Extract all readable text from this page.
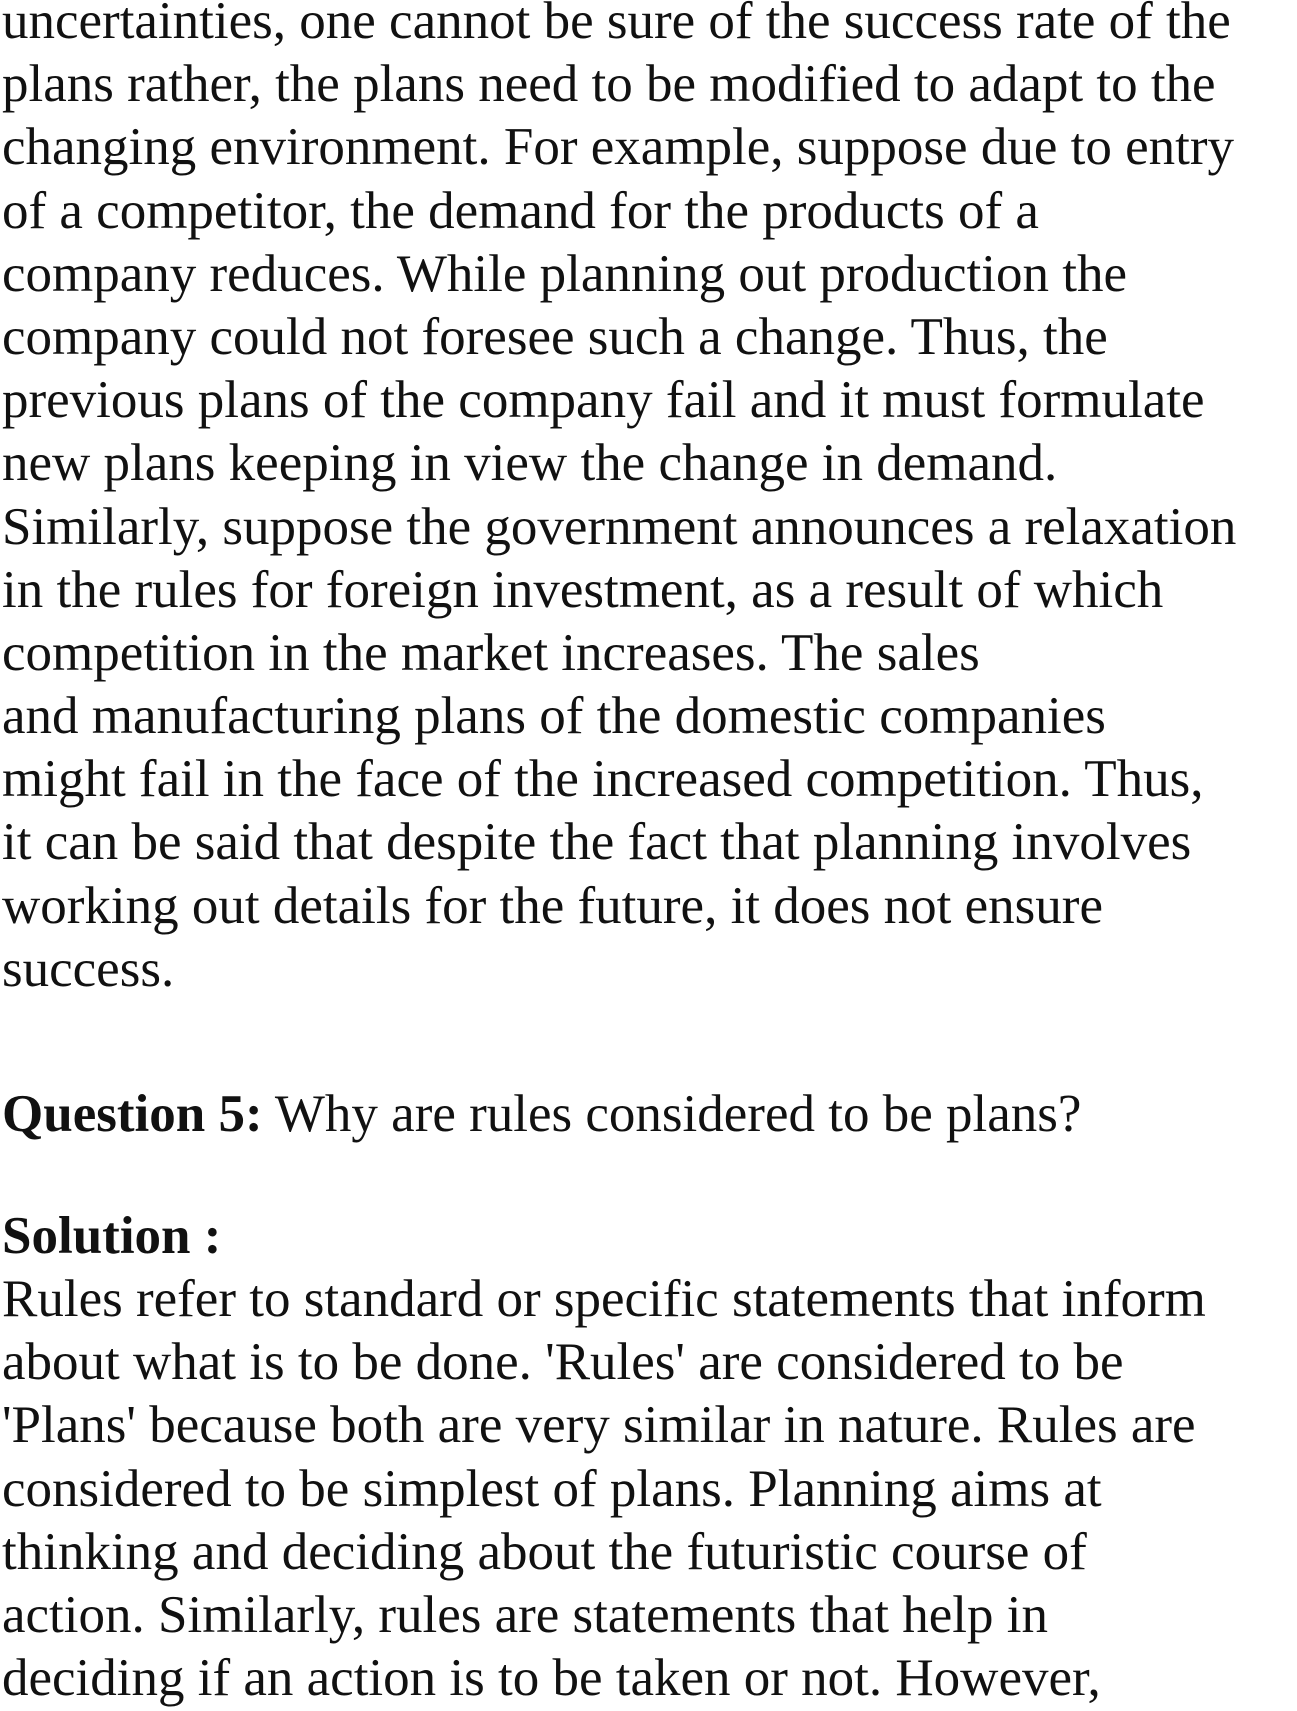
uncertainties, one cannot be sure of the success rate of the
plans rather, the plans need to be modified to adapt to the
changing environment. For example, suppose due to entry
of a competitor, the demand for the products of a
company reduces. While planning out production the
company could not foresee such a change. Thus, the
previous plans of the company fail and it must formulate
new plans keeping in view the change in demand.
Similarly, suppose the government announces a relaxation
in the rules for foreign investment, as a result of which
competition in the market increases. The sales
and manufacturing plans of the domestic companies
might fail in the face of the increased competition. Thus,
it can be said that despite the fact that planning involves
working out details for the future, it does not ensure
success.
Question 5: Why are rules considered to be plans?
Solution :
Rules refer to standard or specific statements that inform
about what is to be done. 'Rules' are considered to be
'Plans' because both are very similar in nature. Rules are
considered to be simplest of plans. Planning aims at
thinking and deciding about the futuristic course of
action. Similarly, rules are statements that help in
deciding if an action is to be taken or not. However,
